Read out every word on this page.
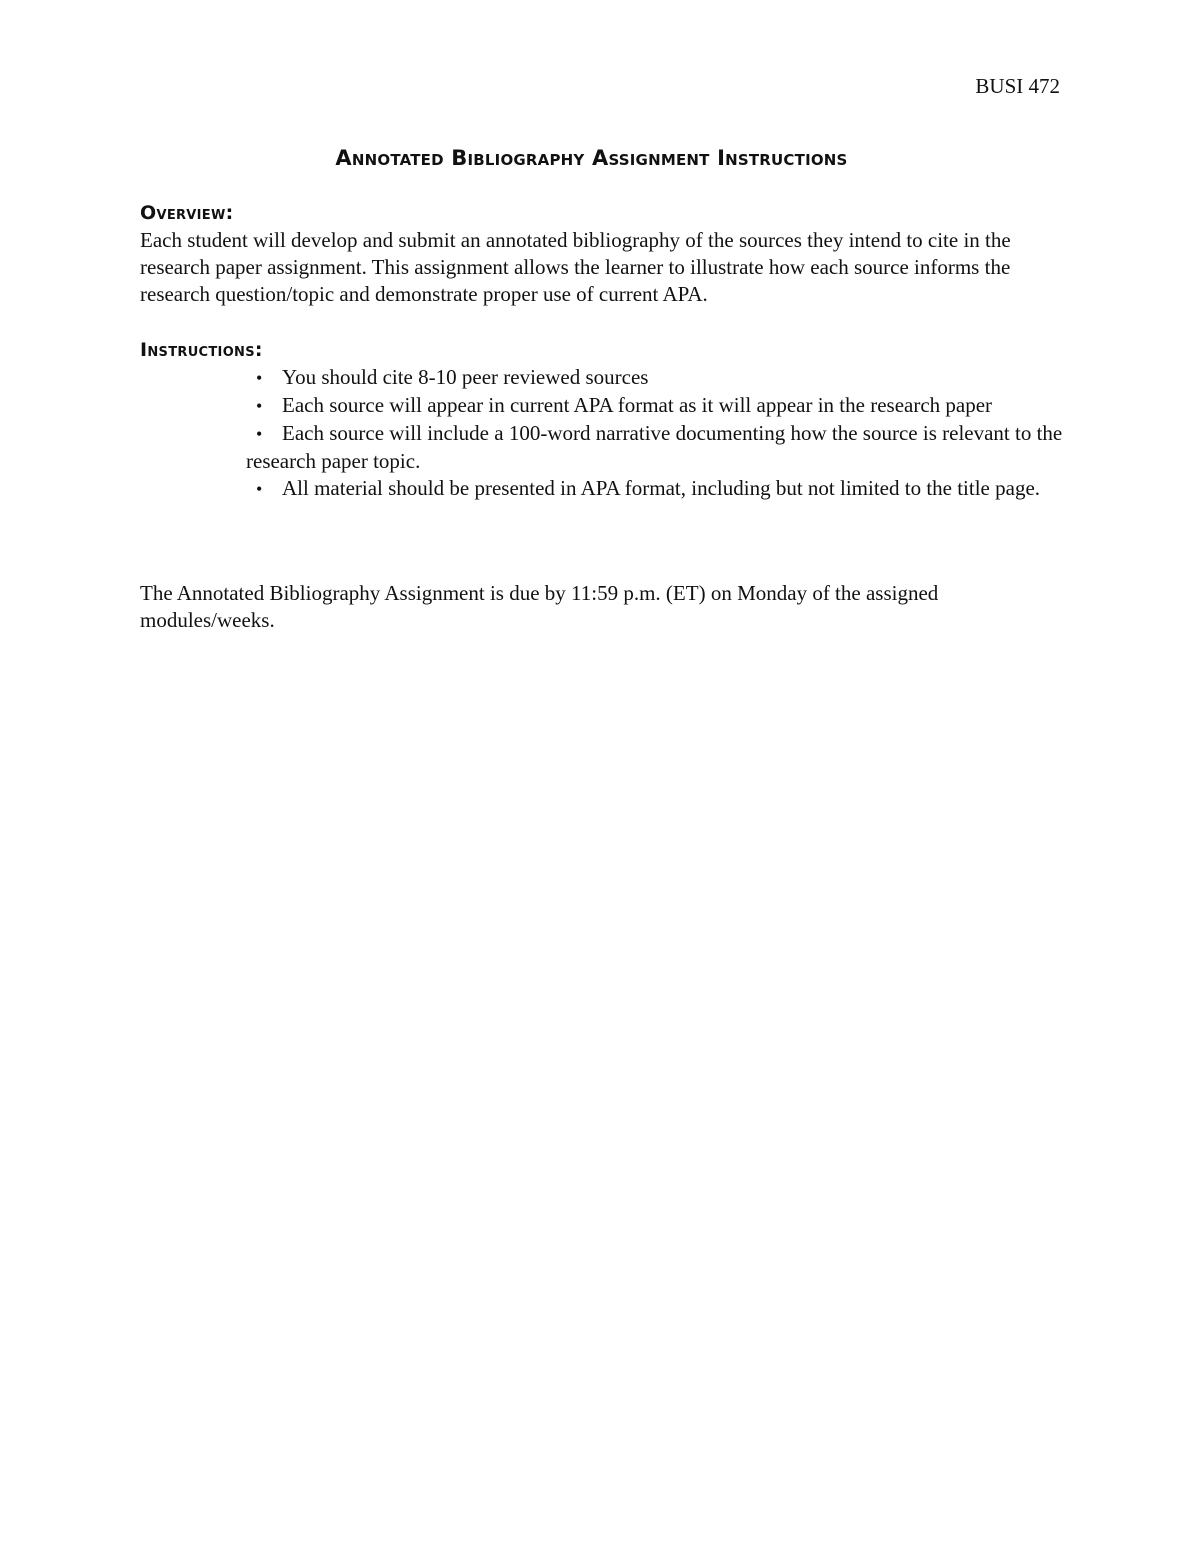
BUSI 472
Annotated Bibliography Assignment Instructions
Overview:

Each student will develop and submit an annotated bibliography of the sources they intend to cite in the research paper assignment. This assignment allows the learner to illustrate how each source informs the research question/topic and demonstrate proper use of current APA.

Instructions:
• You should cite 8-10 peer reviewed sources
• Each source will appear in current APA format as it will appear in the research paper
• Each source will include a 100-word narrative documenting how the source is relevant to the research paper topic.
• All material should be presented in APA format, including but not limited to the title page.

The Annotated Bibliography Assignment is due by 11:59 p.m. (ET) on Monday of the assigned modules/weeks.
